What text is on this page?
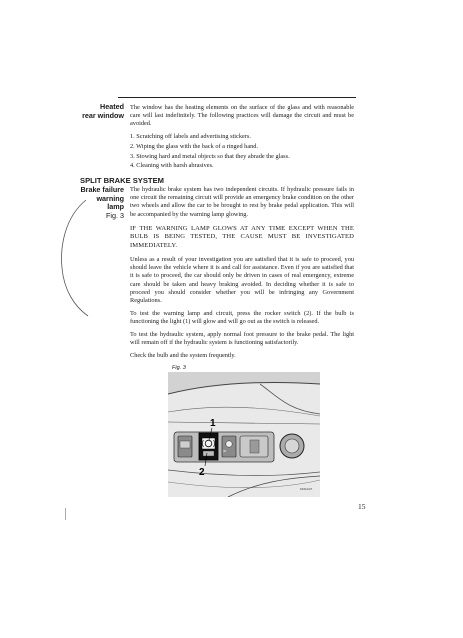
Heated
rear window

The window has the heating elements on the surface of the glass and with reasonable care will last indefinitely. The following practices will damage the circuit and must be avoided.

1. Scratching off labels and advertising stickers.
2. Wiping the glass with the back of a ringed hand.
3. Stowing hard and metal objects so that they abrade the glass.
4. Cleaning with harsh abrasives.
SPLIT BRAKE SYSTEM
Brake failure
warning lamp
Fig. 3

The hydraulic brake system has two independent circuits. If hydraulic pressure fails in one circuit the remaining circuit will provide an emergency brake condition on the other two wheels and allow the car to be brought to rest by brake pedal application. This will be accompanied by the warning lamp glowing.

IF THE WARNING LAMP GLOWS AT ANY TIME EXCEPT WHEN THE BULB IS BEING TESTED, THE CAUSE MUST BE INVESTIGATED IMMEDIATELY.

Unless as a result of your investigation you are satisfied that it is safe to proceed, you should leave the vehicle where it is and call for assistance. Even if you are satisfied that it is safe to proceed, the car should only be driven in cases of real emergency, extreme care should be taken and heavy braking avoided. In deciding whether it is safe to proceed you should consider whether you will be infringing any Government Regulations.

To test the warning lamp and circuit, press the rocker switch (2). If the bulb is functioning the light (1) will glow and will go out as the switch is released.

To test the hydraulic system, apply normal foot pressure to the brake pedal. The light will remain off if the hydraulic system is functioning satisfactorily.

Check the bulb and the system frequently.

Fig. 3
(D
1
2
61611/27
15
